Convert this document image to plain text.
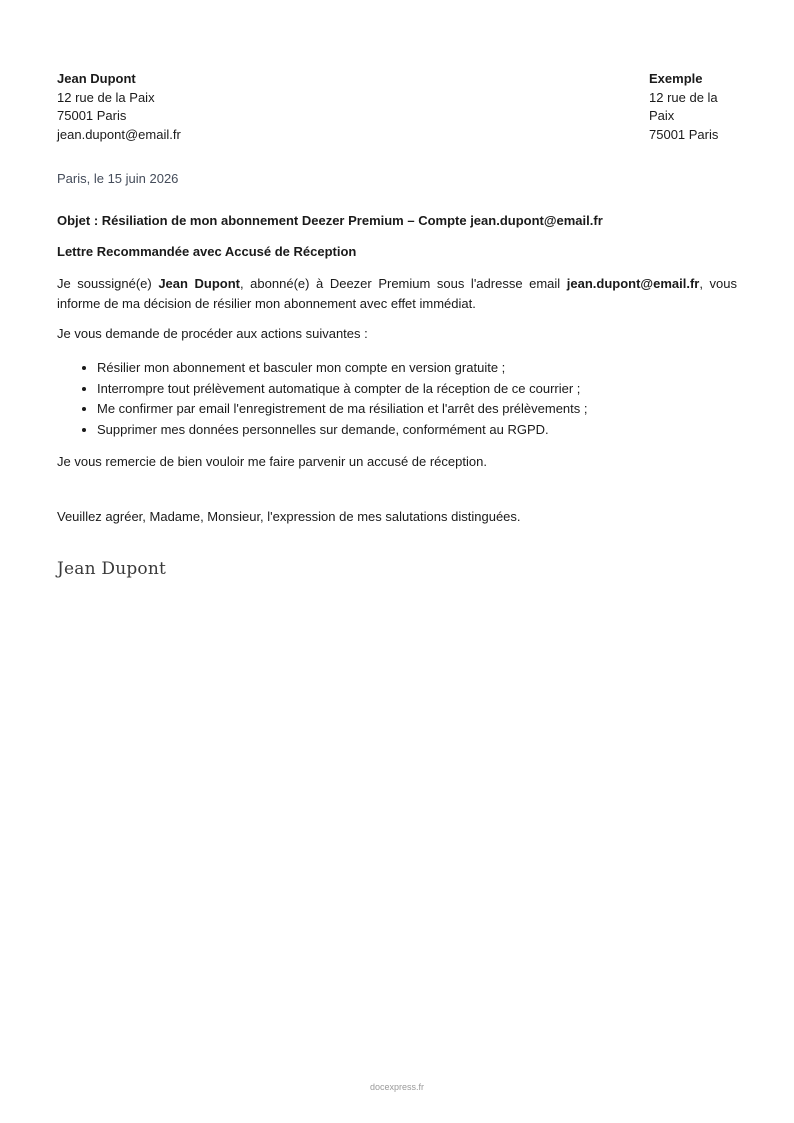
Jean Dupont
12 rue de la Paix
75001 Paris
jean.dupont@email.fr
Exemple
12 rue de la Paix
75001 Paris
Paris, le 15 juin 2026
Objet : Résiliation de mon abonnement Deezer Premium – Compte jean.dupont@email.fr
Lettre Recommandée avec Accusé de Réception

Je soussigné(e) Jean Dupont, abonné(e) à Deezer Premium sous l'adresse email jean.dupont@email.fr, vous informe de ma décision de résilier mon abonnement avec effet immédiat.

Je vous demande de procéder aux actions suivantes :

• Résilier mon abonnement et basculer mon compte en version gratuite ;
• Interrompre tout prélèvement automatique à compter de la réception de ce courrier ;
• Me confirmer par email l'enregistrement de ma résiliation et l'arrêt des prélèvements ;
• Supprimer mes données personnelles sur demande, conformément au RGPD.

Je vous remercie de bien vouloir me faire parvenir un accusé de réception.

Veuillez agréer, Madame, Monsieur, l'expression de mes salutations distinguées.

Jean Dupont
docexpress.fr
